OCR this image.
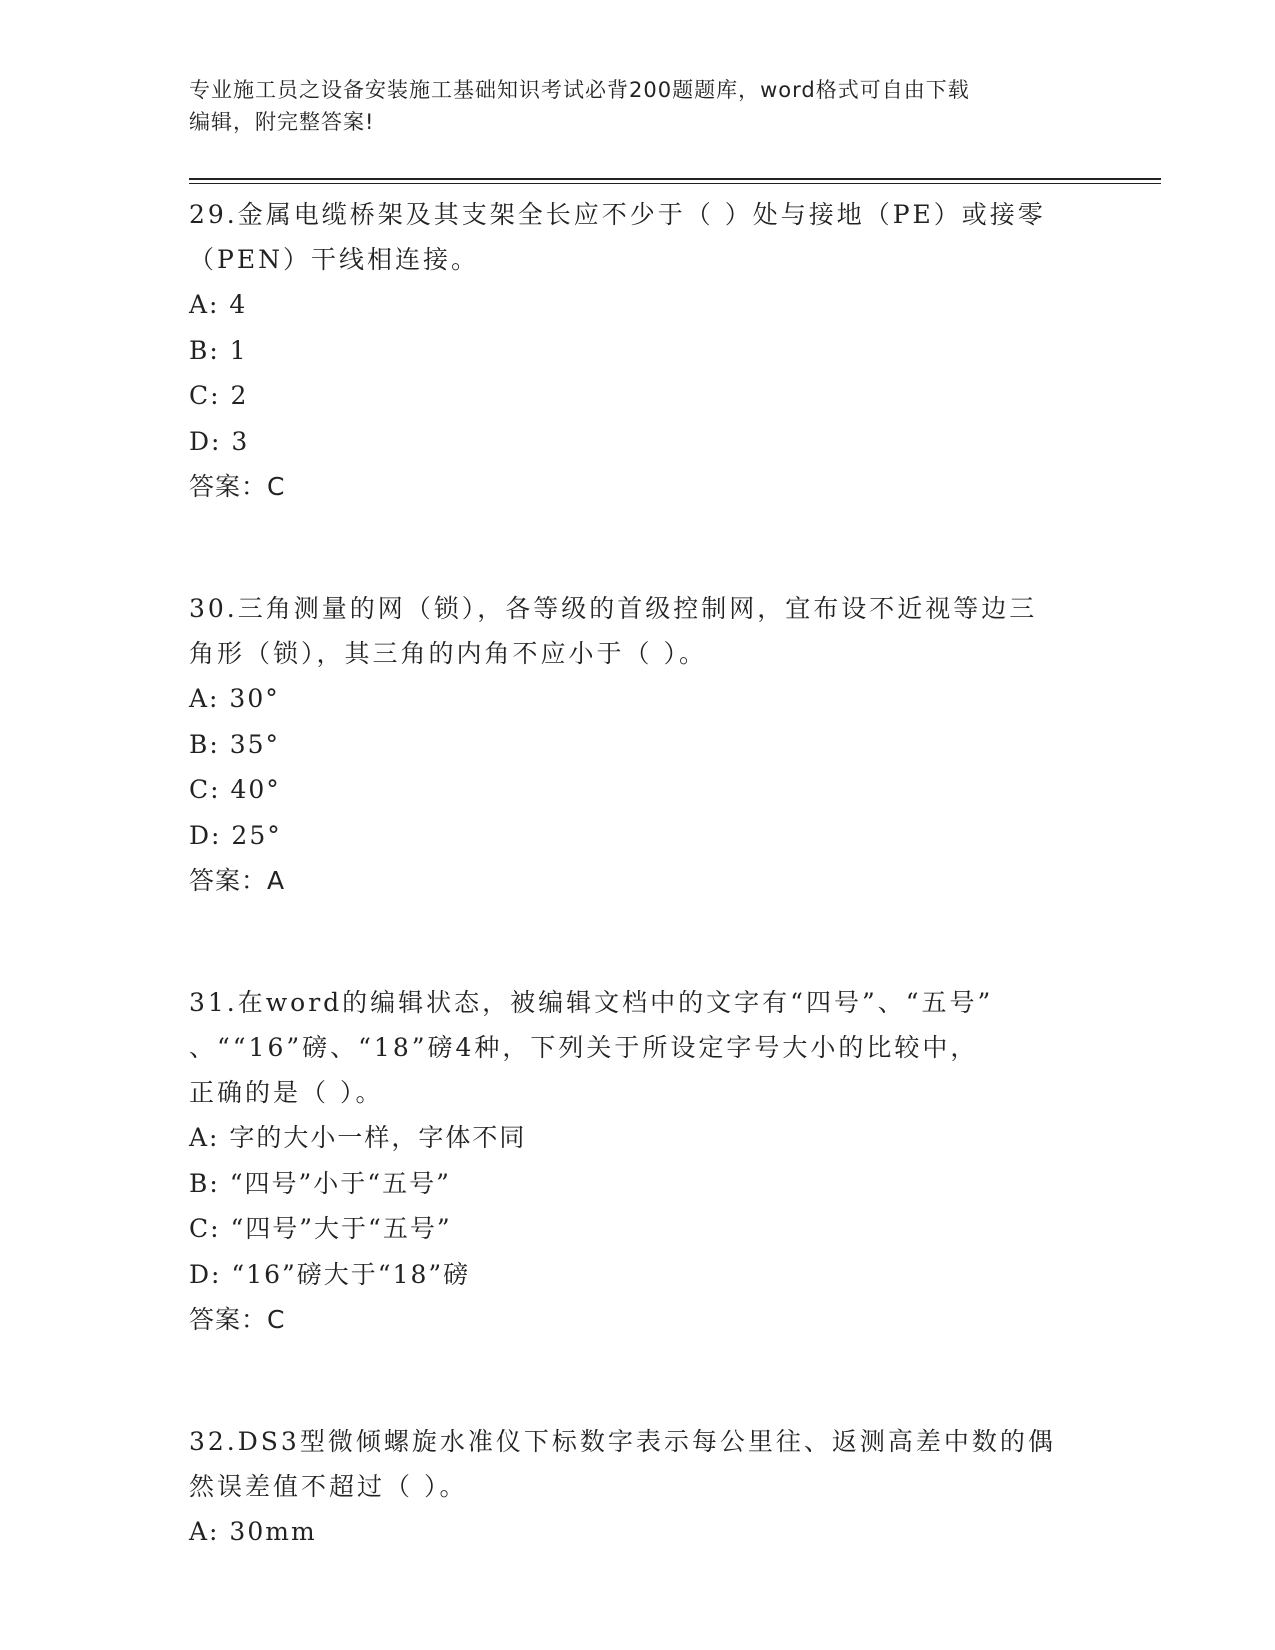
专业施工员之设备安装施工基础知识考试必背200题题库，word格式可自由下载
编辑，附完整答案!
29.金属电缆桥架及其支架全长应不少于（ ）处与接地（PE）或接零
（PEN）干线相连接。
A: 4
B: 1
C: 2
D: 3
答案：C
30.三角测量的网（锁），各等级的首级控制网，宜布设不近视等边三
角形（锁），其三角的内角不应小于（ ）。
A: 30°
B: 35°
C: 40°
D: 25°
答案：A
31.在word的编辑状态，被编辑文档中的文字有“四号”、“五号”
、““16”磅、“18”磅4种，下列关于所设定字号大小的比较中，
正确的是（ ）。
A: 字的大小一样，字体不同
B: “四号”小于“五号”
C: “四号”大于“五号”
D: “16”磅大于“18”磅
答案：C
32.DS3型微倾螺旋水准仪下标数字表示每公里往、返测高差中数的偶
然误差值不超过（ ）。
A: 30mm
